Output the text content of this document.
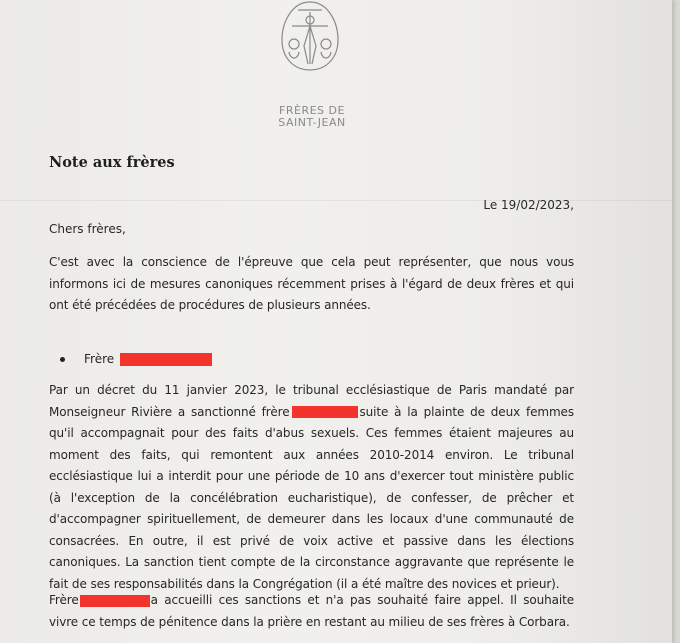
FRÈRES DE
SAINT-JEAN
Note aux frères
Le 19/02/2023,
Chers frères,
C'est avec la conscience de l'épreuve que cela peut représenter, que nous vous informons ici de mesures canoniques récemment prises à l'égard de deux frères et qui ont été précédées de procédures de plusieurs années.
Frère
Par un décret du 11 janvier 2023, le tribunal ecclésiastique de Paris mandaté par Monseigneur Rivière a sanctionné frère	suite à la plainte de deux femmes qu'il accompagnait pour des faits d'abus sexuels. Ces femmes étaient majeures au moment des faits, qui remontent aux années 2010-2014 environ. Le tribunal ecclésiastique lui a interdit pour une période de 10 ans d'exercer tout ministère public (à l'exception de la concélébration eucharistique), de confesser, de prêcher et d'accompagner spirituellement, de demeurer dans les locaux d'une communauté de consacrées. En outre, il est privé de voix active et passive dans les élections canoniques. La sanction tient compte de la circonstance aggravante que représente le fait de ses responsabilités dans la Congrégation (il a été maître des novices et prieur).
Frère	a accueilli ces sanctions et n'a pas souhaité faire appel. Il souhaite vivre ce temps de pénitence dans la prière en restant au milieu de ses frères à Corbara.
